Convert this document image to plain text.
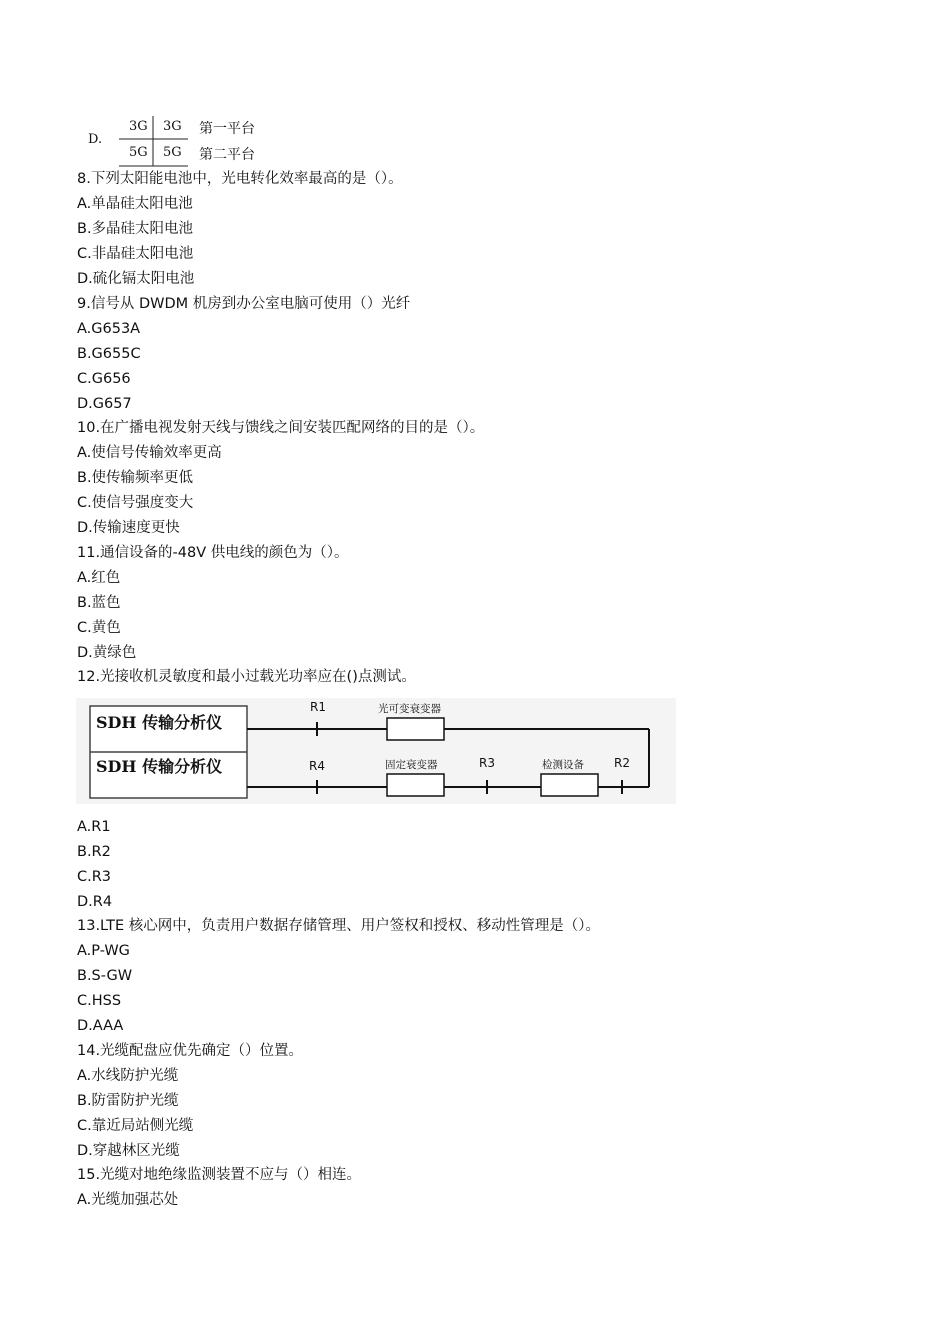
D.
3G 3G 第一平台
5G 5G 第二平台
8.下列太阳能电池中，光电转化效率最高的是（）。
A.单晶硅太阳电池
B.多晶硅太阳电池
C.非晶硅太阳电池
D.硫化镉太阳电池
9.信号从 DWDM 机房到办公室电脑可使用（）光纤
A.G653A
B.G655C
C.G656
D.G657
10.在广播电视发射天线与馈线之间安装匹配网络的目的是（）。
A.使信号传输效率更高
B.使传输频率更低
C.使信号强度变大
D.传输速度更快
11.通信设备的-48V 供电线的颜色为（）。
A.红色
B.蓝色
C.黄色
D.黄绿色
12.光接收机灵敏度和最小过载光功率应在()点测试。
A.R1
B.R2
C.R3
D.R4
13.LTE 核心网中，负责用户数据存储管理、用户签权和授权、移动性管理是（）。
A.P-WG
B.S-GW
C.HSS
D.AAA
14.光缆配盘应优先确定（）位置。
A.水线防护光缆
B.防雷防护光缆
C.靠近局站侧光缆
D.穿越林区光缆
15.光缆对地绝缘监测装置不应与（）相连。
A.光缆加强芯处
SDH 传输分析仪
SDH 传输分析仪
R1
R4	R3	R2
光可变衰变器
固定衰变器	检测设备
